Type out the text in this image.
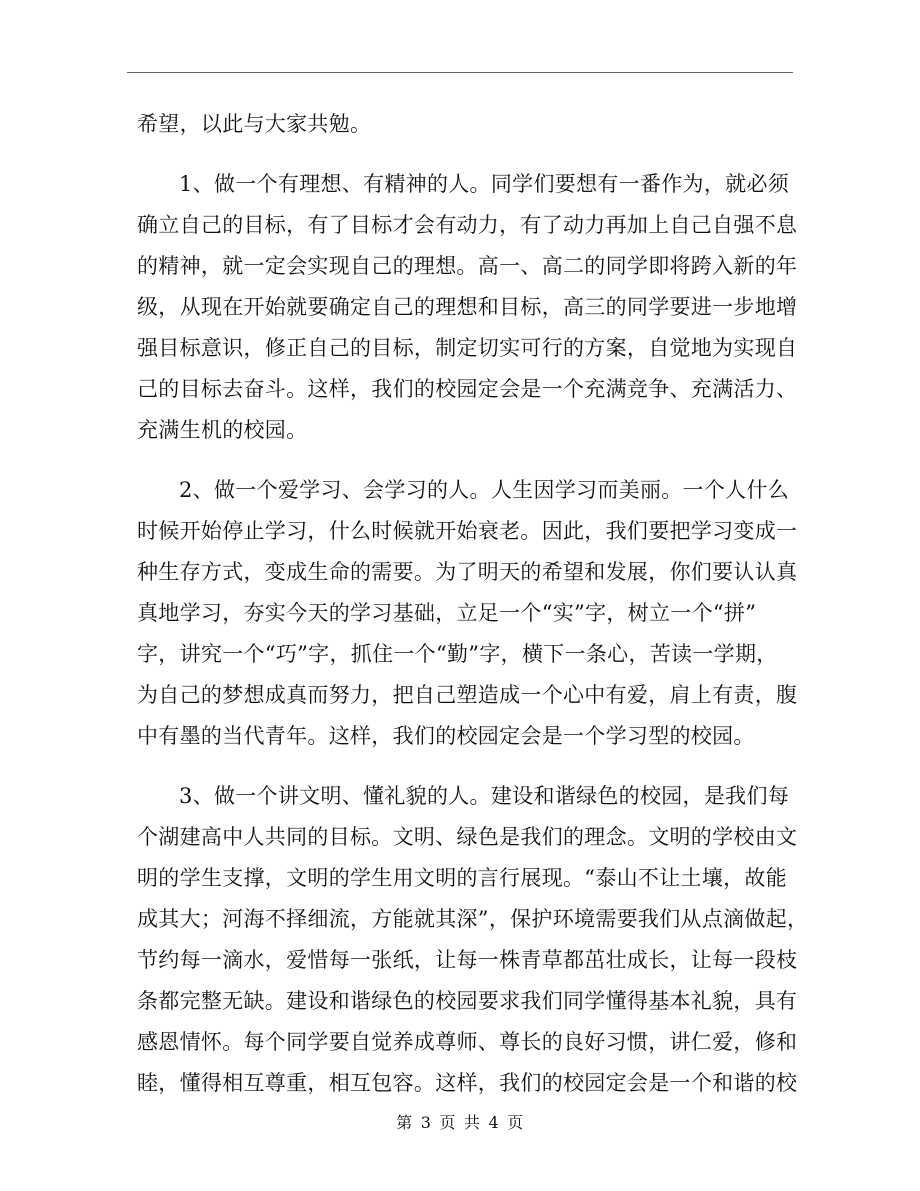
希望，以此与大家共勉。
1、做一个有理想、有精神的人。同学们要想有一番作为，就必须
确立自己的目标，有了目标才会有动力，有了动力再加上自己自强不息
的精神，就一定会实现自己的理想。高一、高二的同学即将跨入新的年
级，从现在开始就要确定自己的理想和目标，高三的同学要进一步地增
强目标意识，修正自己的目标，制定切实可行的方案，自觉地为实现自
己的目标去奋斗。这样，我们的校园定会是一个充满竞争、充满活力、
充满生机的校园。
2、做一个爱学习、会学习的人。人生因学习而美丽。一个人什么
时候开始停止学习，什么时候就开始衰老。因此，我们要把学习变成一
种生存方式，变成生命的需要。为了明天的希望和发展，你们要认认真
真地学习，夯实今天的学习基础，立足一个“实”字，树立一个“拼”
字，讲究一个“巧”字，抓住一个“勤”字，横下一条心，苦读一学期，
为自己的梦想成真而努力，把自己塑造成一个心中有爱，肩上有责，腹
中有墨的当代青年。这样，我们的校园定会是一个学习型的校园。
3、做一个讲文明、懂礼貌的人。建设和谐绿色的校园，是我们每
个湖建高中人共同的目标。文明、绿色是我们的理念。文明的学校由文
明的学生支撑，文明的学生用文明的言行展现。“泰山不让土壤，故能
成其大；河海不择细流，方能就其深”，保护环境需要我们从点滴做起，
节约每一滴水，爱惜每一张纸，让每一株青草都茁壮成长，让每一段枝
条都完整无缺。建设和谐绿色的校园要求我们同学懂得基本礼貌，具有
感恩情怀。每个同学要自觉养成尊师、尊长的良好习惯，讲仁爱，修和
睦，懂得相互尊重，相互包容。这样，我们的校园定会是一个和谐的校
第 3 页 共 4 页
